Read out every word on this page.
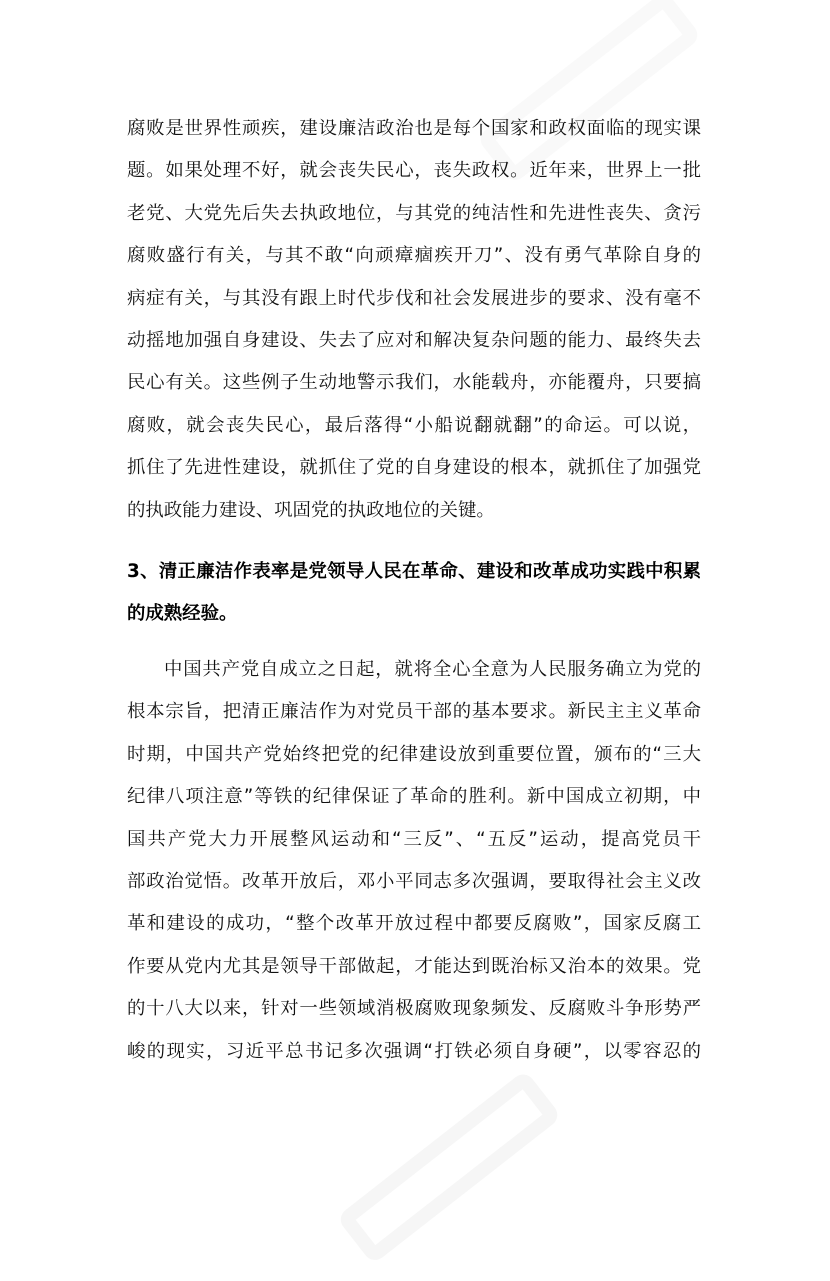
腐败是世界性顽疾，建设廉洁政治也是每个国家和政权面临的现实课
题。如果处理不好，就会丧失民心，丧失政权。近年来，世界上一批
老党、大党先后失去执政地位，与其党的纯洁性和先进性丧失、贪污
腐败盛行有关，与其不敢“向顽瘴痼疾开刀”、没有勇气革除自身的
病症有关，与其没有跟上时代步伐和社会发展进步的要求、没有毫不
动摇地加强自身建设、失去了应对和解决复杂问题的能力、最终失去
民心有关。这些例子生动地警示我们，水能载舟，亦能覆舟，只要搞
腐败，就会丧失民心，最后落得“小船说翻就翻”的命运。可以说，
抓住了先进性建设，就抓住了党的自身建设的根本，就抓住了加强党
的执政能力建设、巩固党的执政地位的关键。

3、清正廉洁作表率是党领导人民在革命、建设和改革成功实践中积累
的成熟经验。

中国共产党自成立之日起，就将全心全意为人民服务确立为党的
根本宗旨，把清正廉洁作为对党员干部的基本要求。新民主主义革命
时期，中国共产党始终把党的纪律建设放到重要位置，颁布的“三大
纪律八项注意”等铁的纪律保证了革命的胜利。新中国成立初期，中
国共产党大力开展整风运动和“三反”、“五反”运动，提高党员干
部政治觉悟。改革开放后，邓小平同志多次强调，要取得社会主义改
革和建设的成功，“整个改革开放过程中都要反腐败”，国家反腐工
作要从党内尤其是领导干部做起，才能达到既治标又治本的效果。党
的十八大以来，针对一些领域消极腐败现象频发、反腐败斗争形势严
峻的现实，习近平总书记多次强调“打铁必须自身硬”，以零容忍的
